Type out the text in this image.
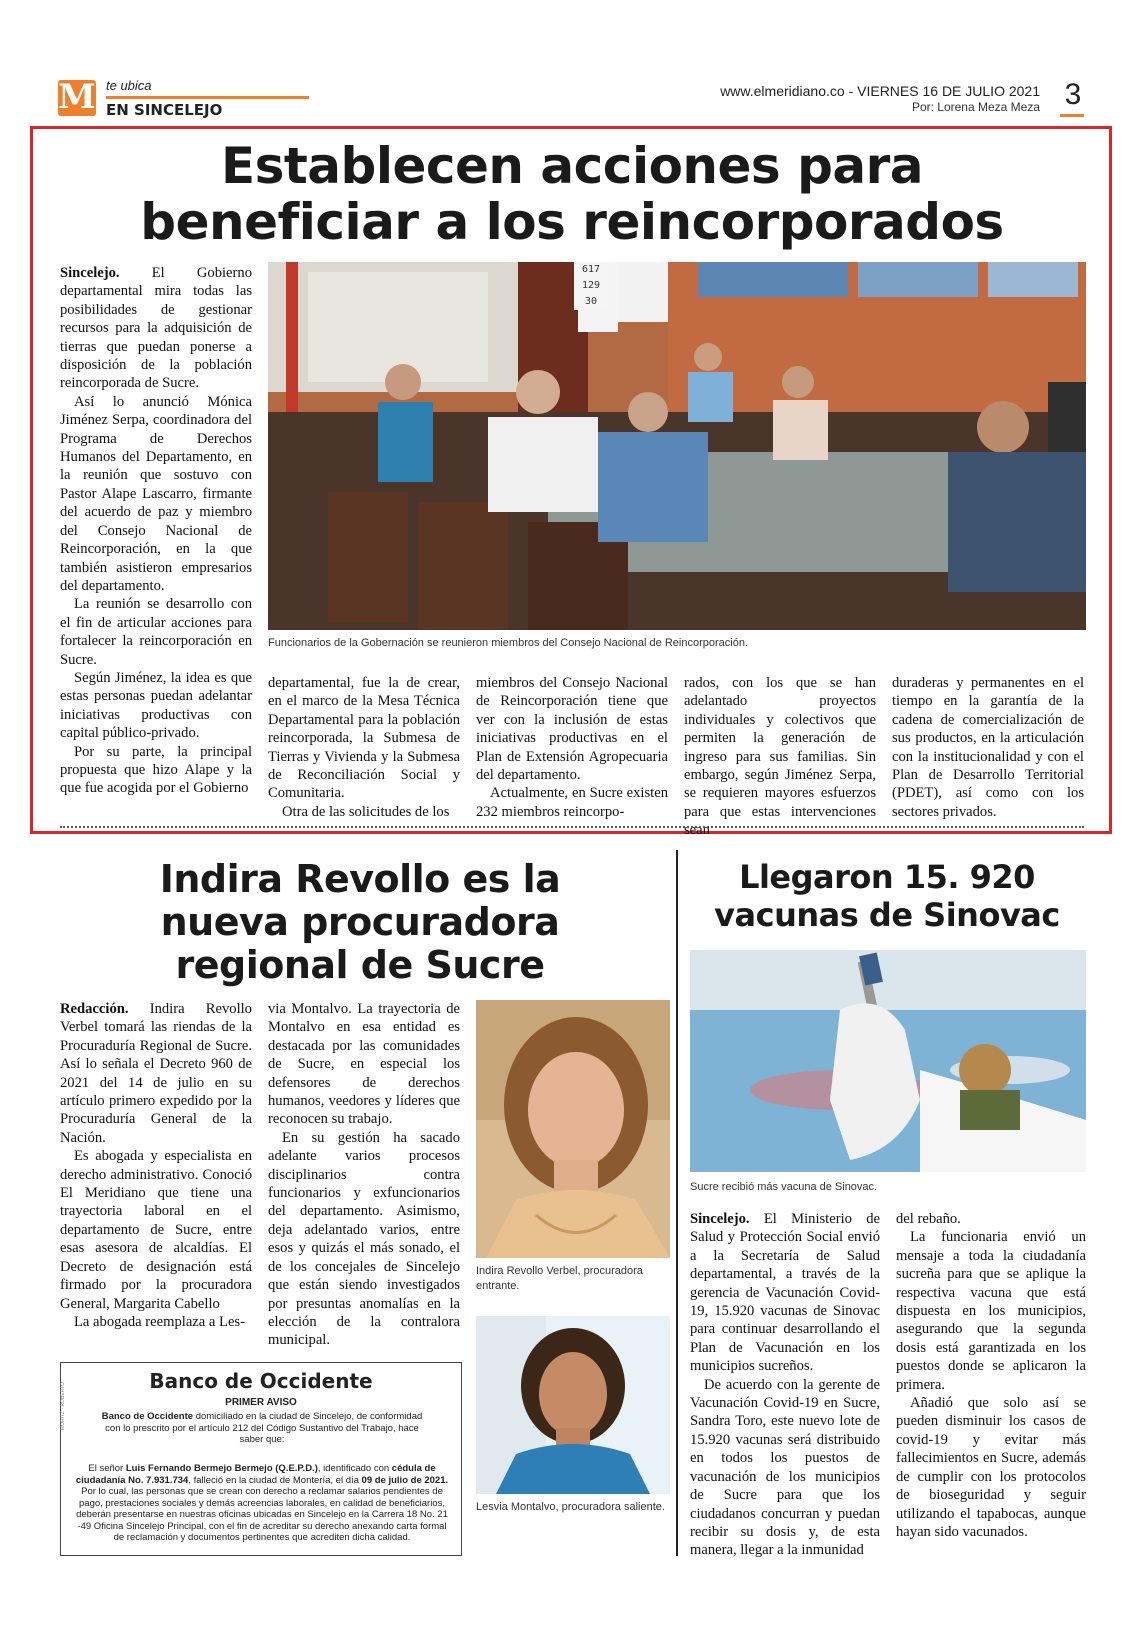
M te ubica
EN SINCELEJO
www.elmeridiano.co - VIERNES 16 DE JULIO 2021
Por: Lorena Meza Meza 3
Establecen acciones para
beneficiar a los reincorporados
617
129
30
Funcionarios de la Gobernación se reunieron miembros del Consejo Nacional de Reincorporación.

Sincelejo. El Gobierno departamental mira todas las posibilidades de gestionar recursos para la adquisición de tierras que puedan ponerse a disposición de la población reincorporada de Sucre.

Así lo anunció Mónica Jiménez Serpa, coordinadora del Programa de Derechos Humanos del Departamento, en la reunión que sostuvo con Pastor Alape Lascarro, firmante del acuerdo de paz y miembro del Consejo Nacional de Reincorporación, en la que también asistieron empresarios del departamento.

La reunión se desarrollo con el fin de articular acciones para fortalecer la reincorporación en Sucre.

Según Jiménez, la idea es que estas personas puedan adelantar iniciativas productivas con capital público-privado.

Por su parte, la principal propuesta que hizo Alape y la que fue acogida por el Gobierno

departamental, fue la de crear, en el marco de la Mesa Técnica Departamental para la población reincorporada, la Submesa de Tierras y Vivienda y la Submesa de Reconciliación Social y Comunitaria.

Otra de las solicitudes de los

miembros del Consejo Nacional de Reincorporación tiene que ver con la inclusión de estas iniciativas productivas en el Plan de Extensión Agropecuaria del departamento.

Actualmente, en Sucre existen 232 miembros reincorpo-

rados, con los que se han adelantado proyectos individuales y colectivos que permiten la generación de ingreso para sus familias. Sin embargo, según Jiménez Serpa, se requieren mayores esfuerzos para que estas intervenciones sean

duraderas y permanentes en el tiempo en la garantía de la cadena de comercialización de sus productos, en la articulación con la institucionalidad y con el Plan de Desarrollo Territorial (PDET), así como con los sectores privados.

Indira Revollo es la
nueva procuradora
regional de Sucre

Redacción. Indira Revollo Verbel tomará las riendas de la Procuraduría Regional de Sucre. Así lo señala el Decreto 960 de 2021 del 14 de julio en su artículo primero expedido por la Procuraduría General de la Nación.

Es abogada y especialista en derecho administrativo. Conoció El Meridiano que tiene una trayectoria laboral en el departamento de Sucre, entre esas asesora de alcaldías. El Decreto de designación está firmado por la procuradora General, Margarita Cabello

La abogada reemplaza a Les-

via Montalvo. La trayectoria de Montalvo en esa entidad es destacada por las comunidades de Sucre, en especial los defensores de derechos humanos, veedores y líderes que reconocen su trabajo.

En su gestión ha sacado adelante varios procesos disciplinarios contra funcionarios y exfuncionarios del departamento. Asimismo, deja adelantado varios, entre esos y quizás el más sonado, el de los concejales de Sincelejo que están siendo investigados por presuntas anomalías en la elección de la contralora municipal.

Indira Revollo Verbel, procuradora entrante.
Lesvia Montalvo, procuradora saliente.
MORITZ · ROBERTO
Banco de Occidente
PRIMER AVISO
Banco de Occidente domiciliado en la ciudad de Sincelejo, de conformidad con lo prescrito por el artículo 212 del Código Sustantivo del Trabajo, hace saber que:
El señor Luis Fernando Bermejo Bermejo (Q.E.P.D.), identificado con cédula de ciudadanía No. 7.931.734, falleció en la ciudad de Montería, el día 09 de julio de 2021. Por lo cual, las personas que se crean con derecho a reclamar salarios pendientes de pago, prestaciones sociales y demás acreencias laborales, en calidad de beneficiarios, deberán presentarse en nuestras oficinas ubicadas en Sincelejo en la Carrera 18 No. 21 -49 Oficina Sincelejo Principal, con el fin de acreditar su derecho anexando carta formal de reclamación y documentos pertinentes que acrediten dicha calidad.
Llegaron 15. 920
vacunas de Sinovac
Sucre recibió más vacuna de Sinovac.

Sincelejo. El Ministerio de Salud y Protección Social envió a la Secretaría de Salud departamental, a través de la gerencia de Vacunación Covid-19, 15.920 vacunas de Sinovac para continuar desarrollando el Plan de Vacunación en los municipios sucreños.

De acuerdo con la gerente de Vacunación Covid-19 en Sucre, Sandra Toro, este nuevo lote de 15.920 vacunas será distribuido en todos los puestos de vacunación de los municipios de Sucre para que los ciudadanos concurran y puedan recibir su dosis y, de esta manera, llegar a la inmunidad

del rebaño.

La funcionaria envió un mensaje a toda la ciudadanía sucreña para que se aplique la respectiva vacuna que está dispuesta en los municipios, asegurando que la segunda dosis está garantizada en los puestos donde se aplicaron la primera.

Añadió que solo así se pueden disminuir los casos de covid-19 y evitar más fallecimientos en Sucre, además de cumplir con los protocolos de bioseguridad y seguir utilizando el tapabocas, aunque hayan sido vacunados.
